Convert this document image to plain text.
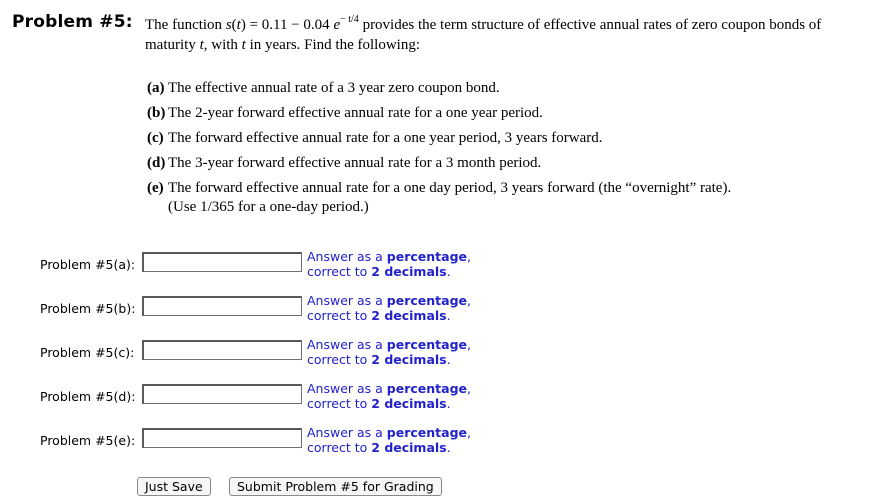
Problem #5: The function s(t) = 0.11 − 0.04 $e^{- t/4}$ provides the term structure of effective annual rates of zero coupon bonds of maturity t, with t in years. Find the following:
(a) The effective annual rate of a 3 year zero coupon bond.
(b) The 2-year forward effective annual rate for a one year period.
(c) The forward effective annual rate for a one year period, 3 years forward.
(d) The 3-year forward effective annual rate for a 3 month period.
(e) The forward effective annual rate for a one day period, 3 years forward (the “overnight” rate).
(Use 1/365 for a one-day period.)
Problem #5(a):
Answer as a percentage,
correct to 2 decimals.
Problem #5(b):
Answer as a percentage,
correct to 2 decimals.
Problem #5(c):
Answer as a percentage,
correct to 2 decimals.
Problem #5(d):
Answer as a percentage,
correct to 2 decimals.
Problem #5(e):
Answer as a percentage,
correct to 2 decimals.
Just Save	Submit Problem #5 for Grading
